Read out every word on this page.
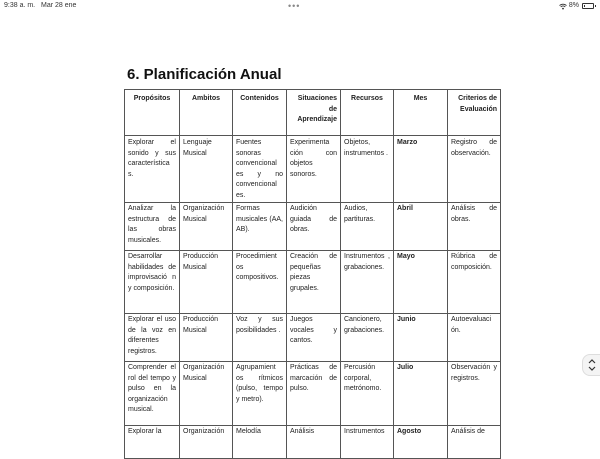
9:38 a. m. Mar 28 ene	•••	8%
6. Planificación Anual
Propósitos	Ambitos	Contenidos	Situaciones de Aprendizaje	Recursos	Mes	Criterios de Evaluación
Explorar el sonido y sus característica s.	Lenguaje Musical	Fuentes sonoras convencional es y no convencional es.	Experimenta ción con objetos sonoros.	Objetos, instrumentos .	Marzo	Registro de observación.
Analizar la estructura de las obras musicales.	Organización Musical	Formas musicales (AA, AB).	Audición guiada de obras.	Audios, partituras.	Abril	Análisis de obras.
Desarrollar habilidades de improvisació n y composición.	Producción Musical	Procedimient os compositivos.	Creación de pequeñas piezas grupales.	Instrumentos , grabaciones.	Mayo	Rúbrica de composición.
Explorar el uso de la voz en diferentes registros.	Producción Musical	Voz y sus posibilidades .	Juegos vocales y cantos.	Cancionero, grabaciones.	Junio	Autoevaluaci ón.
Comprender el rol del tempo y pulso en la organización musical.	Organización Musical	Agrupamient os rítmicos (pulso, tempo y metro).	Prácticas de marcación de pulso.	Percusión corporal, metrónomo.	Julio	Observación y registros.
Explorar la	Organización	Melodía	Análisis	Instrumentos	Agosto	Análisis de
